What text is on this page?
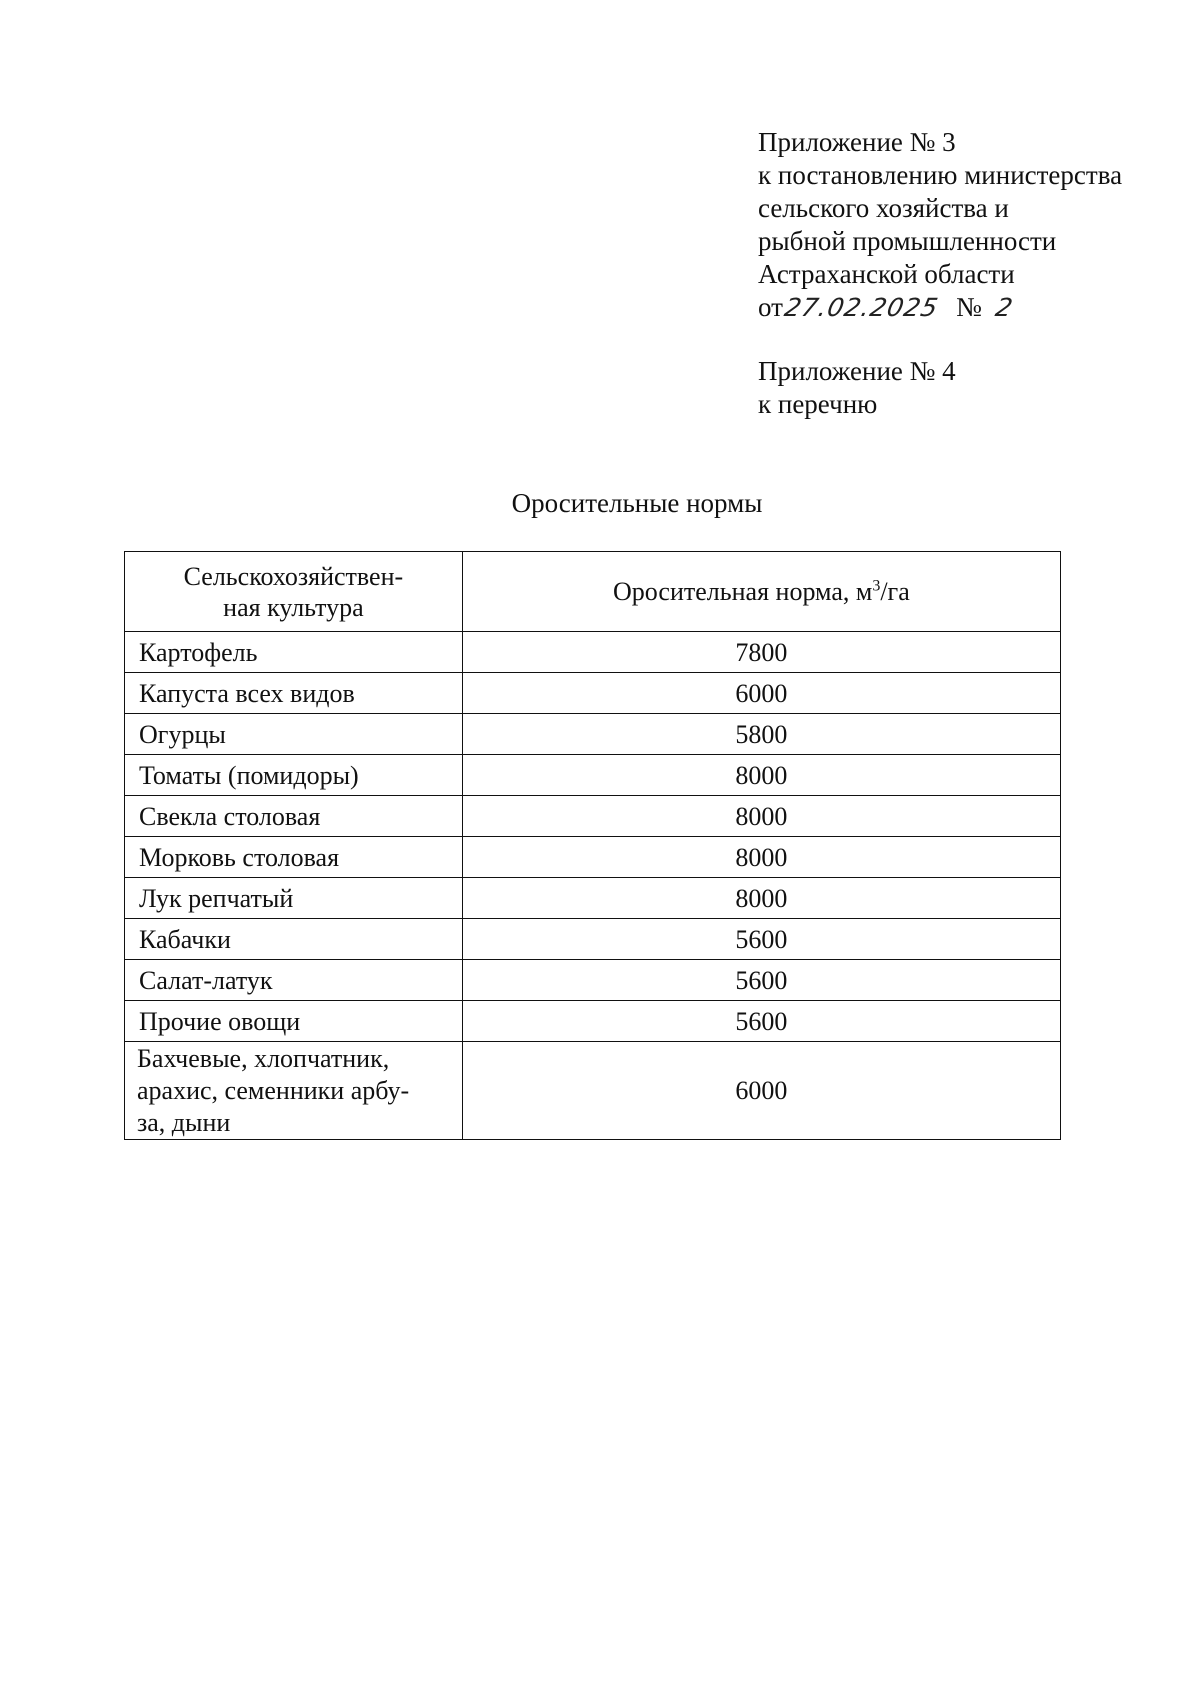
Приложение № 3
к постановлению министерства
сельского хозяйства и
рыбной промышленности
Астраханской области
от27.02.2025 № 2
Приложение № 4
к перечню
Оросительные нормы
Сельскохозяйствен-
ная культура	Оросительная норма, $м^3/га$
Картофель	7800
Капуста всех видов	6000
Огурцы	5800
Томаты (помидоры)	8000
Свекла столовая	8000
Морковь столовая	8000
Лук репчатый	8000
Кабачки	5600
Салат-латук	5600
Прочие овощи	5600
Бахчевые, хлопчатник,
арахис, семенники арбу-
за, дыни	6000
